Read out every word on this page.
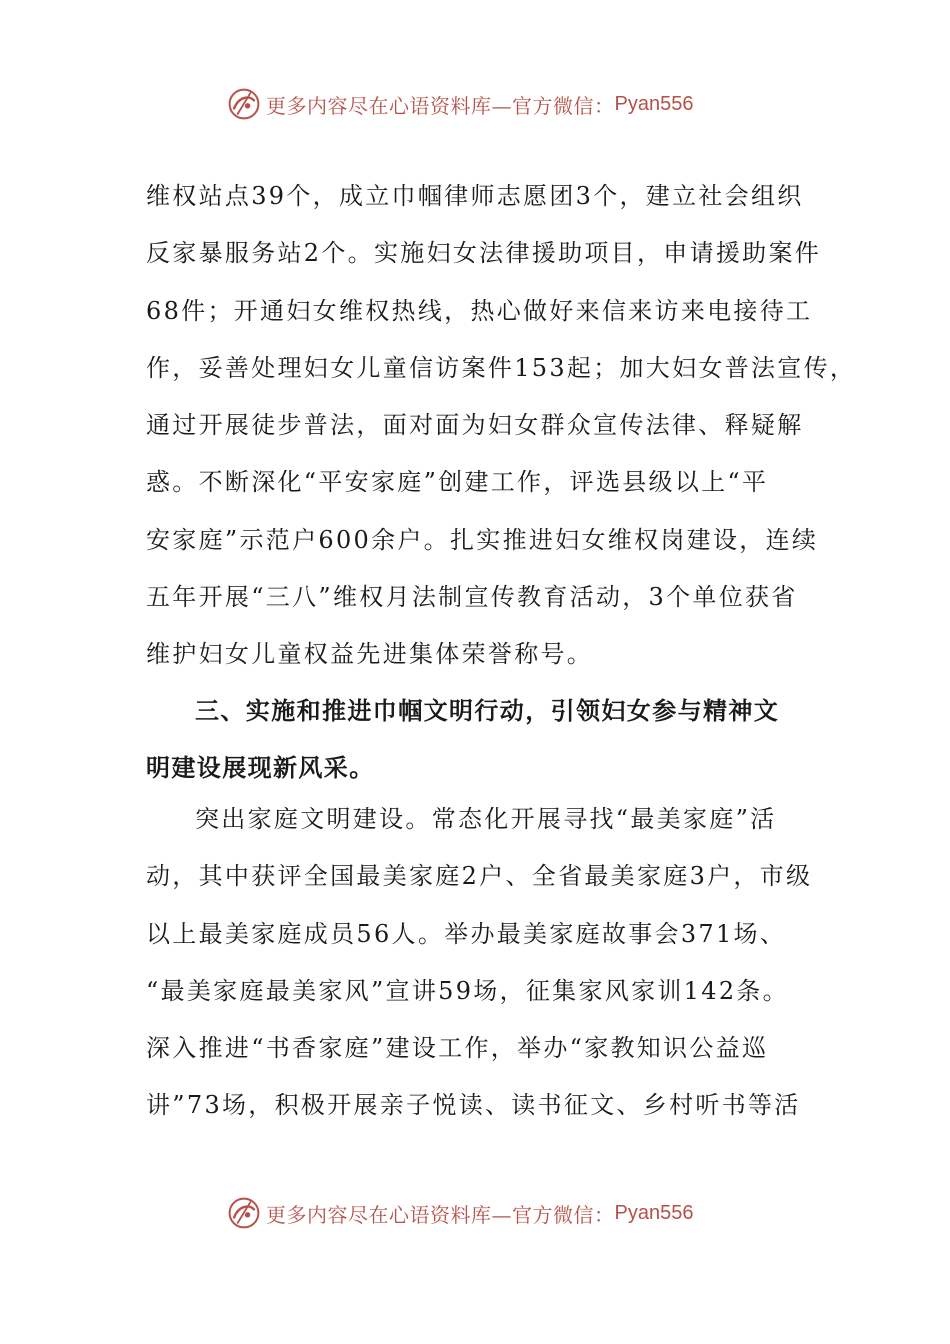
更多内容尽在心语资料库—官方微信： Pyan556
维权站点39个，成立巾帼律师志愿团3个，建立社会组织
反家暴服务站2个。实施妇女法律援助项目，申请援助案件
68件；开通妇女维权热线，热心做好来信来访来电接待工
作，妥善处理妇女儿童信访案件153起；加大妇女普法宣传，
通过开展徒步普法，面对面为妇女群众宣传法律、释疑解
惑。不断深化“平安家庭”创建工作，评选县级以上“平
安家庭”示范户600余户。扎实推进妇女维权岗建设，连续
五年开展“三八”维权月法制宣传教育活动，3个单位获省
维护妇女儿童权益先进集体荣誉称号。
三、实施和推进巾帼文明行动，引领妇女参与精神文
明建设展现新风采。
突出家庭文明建设。常态化开展寻找“最美家庭”活
动，其中获评全国最美家庭2户、全省最美家庭3户，市级
以上最美家庭成员56人。举办最美家庭故事会371场、
“最美家庭最美家风”宣讲59场，征集家风家训142条。
深入推进“书香家庭”建设工作，举办“家教知识公益巡
讲”73场，积极开展亲子悦读、读书征文、乡村听书等活
更多内容尽在心语资料库—官方微信： Pyan556
